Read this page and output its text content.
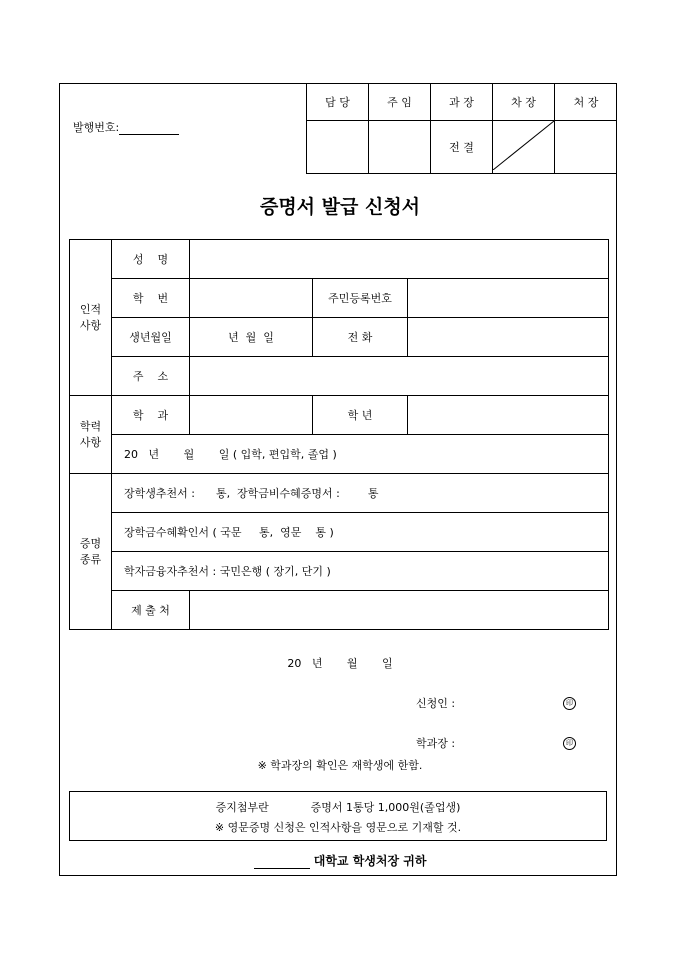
발행번호:
담 당	주 임	과 장	차 장	처 장
		전 결		
증명서 발급 신청서
인적
사항	성    명			
	학    번		주민등록번호	
	생년월일	년  월  일	전 화	
	주    소			
학력
사항	학    과		학 년	
	20   년       월       일 ( 입학, 편입학, 졸업 )			
증명
종류	장학생추천서 :      통,  장학금비수혜증명서 :        통			
	장학금수혜확인서 ( 국문     통,  영문    통 )			
	학자금융자추천서 : 국민은행 ( 장기, 단기 )			
	제 출 처			
20   년       월       일
신청인 :	印
학과장 :	印
※ 학과장의 확인은 재학생에 한함.
증지첨부란            증명서 1통당 1,000원(졸업생)
※ 영문증명 신청은 인적사항을 영문으로 기재할 것.
대학교 학생처장 귀하
